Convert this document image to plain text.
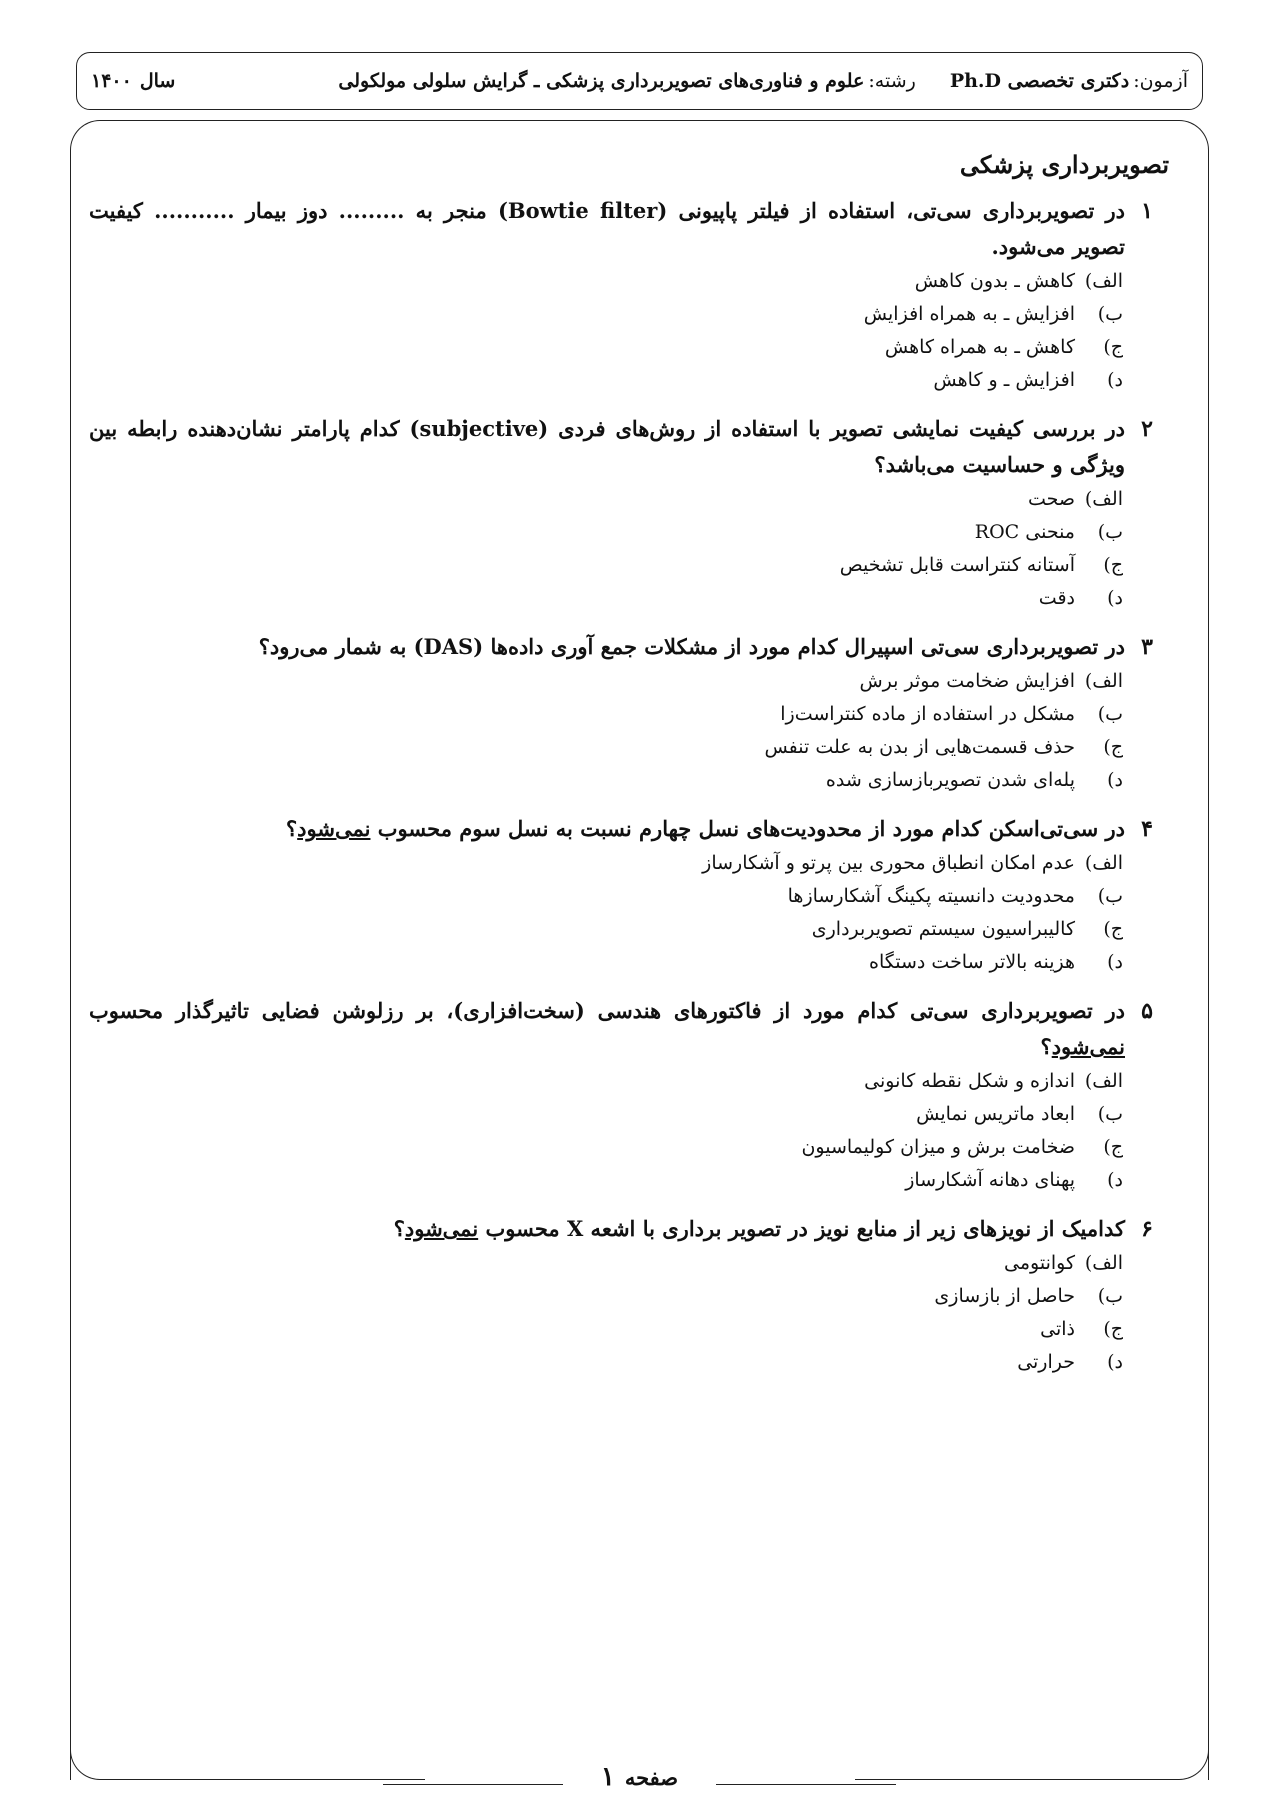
آزمون:
دکتری تخصصی Ph.D
رشته:
علوم و فناوری‌های تصویربرداری پزشکی ـ گرایش سلولی مولکولی
سال
۱۴۰۰
تصویربرداری پزشکی
۱
در تصویربرداری سی‌تی، استفاده از فیلتر پاپیونی (Bowtie filter) منجر به ......... دوز بیمار ........... کیفیت تصویر می‌شود.
الف)
کاهش ـ بدون کاهش
ب)
افزایش ـ به همراه افزایش
ج)
کاهش ـ به همراه کاهش
د)
افزایش ـ و کاهش
۲
در بررسی کیفیت نمایشی تصویر با استفاده از روش‌های فردی (subjective) کدام پارامتر نشان‌دهنده رابطه بین ویژگی و حساسیت می‌باشد؟
الف)
صحت
ب)
منحنی ROC
ج)
آستانه کنتراست قابل تشخیص
د)
دقت
۳
در تصویربرداری سی‌تی اسپیرال کدام مورد از مشکلات جمع آوری داده‌ها (DAS) به شمار می‌رود؟
الف)
افزایش ضخامت موثر برش
ب)
مشکل در استفاده از ماده کنتراست‌زا
ج)
حذف قسمت‌هایی از بدن به علت تنفس
د)
پله‌ای شدن تصویربازسازی شده
۴
در سی‌تی‌اسکن کدام مورد از محدودیت‌های نسل چهارم نسبت به نسل سوم محسوب نمی‌شود؟
الف)
عدم امکان انطباق محوری بین پرتو و آشکارساز
ب)
محدودیت دانسیته پکینگ آشکارسازها
ج)
کالیبراسیون سیستم تصویربرداری
د)
هزینه بالاتر ساخت دستگاه
۵
در تصویربرداری سی‌تی کدام مورد از فاکتورهای هندسی (سخت‌افزاری)، بر رزلوشن فضایی تاثیرگذار محسوب نمی‌شود؟
الف)
اندازه و شکل نقطه کانونی
ب)
ابعاد ماتریس نمایش
ج)
ضخامت برش و میزان کولیماسیون
د)
پهنای دهانه آشکارساز
۶
کدامیک از نویزهای زیر از منابع نویز در تصویر برداری با اشعه X محسوب نمی‌شود؟
الف)
کوانتومی
ب)
حاصل از بازسازی
ج)
ذاتی
د)
حرارتی
صفحه
۱
